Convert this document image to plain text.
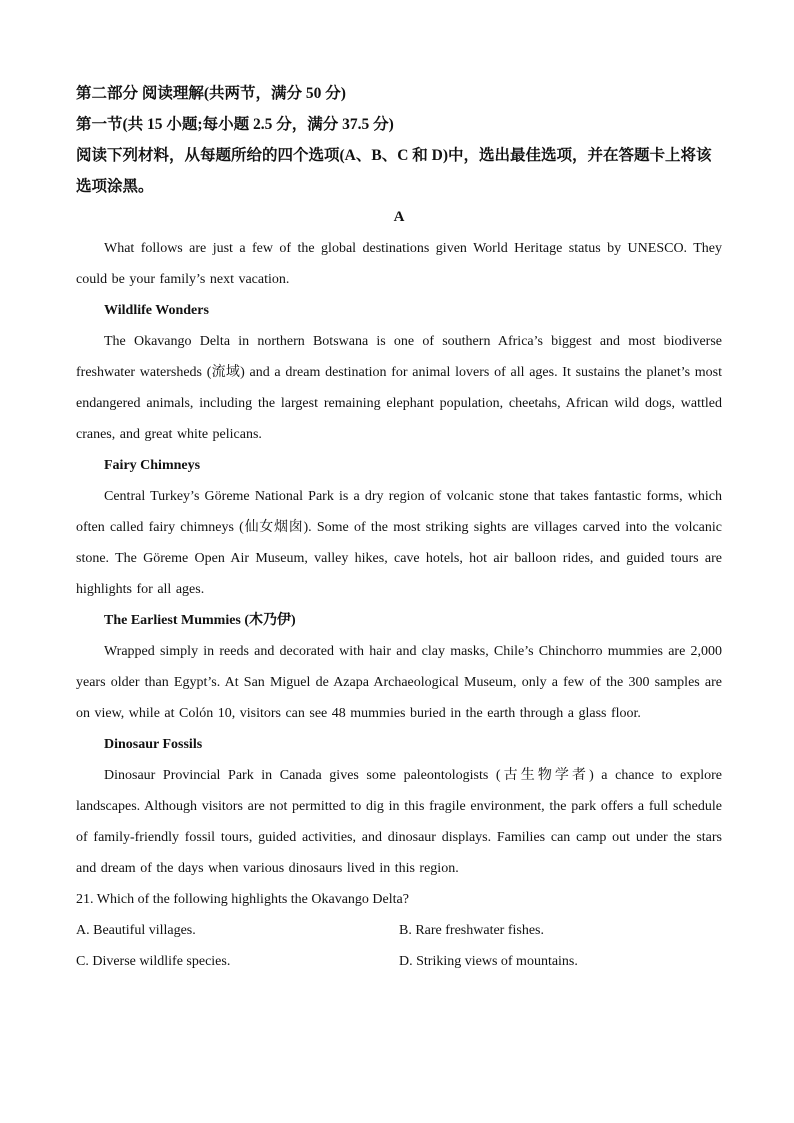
第二部分 阅读理解(共两节，满分 50 分)

第一节(共 15 小题;每小题 2.5 分，满分 37.5 分)

阅读下列材料，从每题所给的四个选项(A、B、C 和 D)中，选出最佳选项，并在答题卡上将该选项涂黑。

A

What follows are just a few of the global destinations given World Heritage status by UNESCO. They could be your family’s next vacation.

Wildlife Wonders

The Okavango Delta in northern Botswana is one of southern Africa’s biggest and most biodiverse freshwater watersheds (流域) and a dream destination for animal lovers of all ages. It sustains the planet’s most endangered animals, including the largest remaining elephant population, cheetahs, African wild dogs, wattled cranes, and great white pelicans.

Fairy Chimneys

Central Turkey’s Göreme National Park is a dry region of volcanic stone that takes fantastic forms, which often called fairy chimneys (仙女烟囱). Some of the most striking sights are villages carved into the volcanic stone. The Göreme Open Air Museum, valley hikes, cave hotels, hot air balloon rides, and guided tours are highlights for all ages.

The Earliest Mummies (木乃伊)

Wrapped simply in reeds and decorated with hair and clay masks, Chile’s Chinchorro mummies are 2,000 years older than Egypt’s. At San Miguel de Azapa Archaeological Museum, only a few of the 300 samples are on view, while at Colón 10, visitors can see 48 mummies buried in the earth through a glass floor.

Dinosaur Fossils

Dinosaur Provincial Park in Canada gives some paleontologists (古生物学者) a chance to explore landscapes. Although visitors are not permitted to dig in this fragile environment, the park offers a full schedule of family-friendly fossil tours, guided activities, and dinosaur displays. Families can camp out under the stars and dream of the days when various dinosaurs lived in this region.

21. Which of the following highlights the Okavango Delta?

A. Beautiful villages.	B. Rare freshwater fishes.
C. Diverse wildlife species.	D. Striking views of mountains.
